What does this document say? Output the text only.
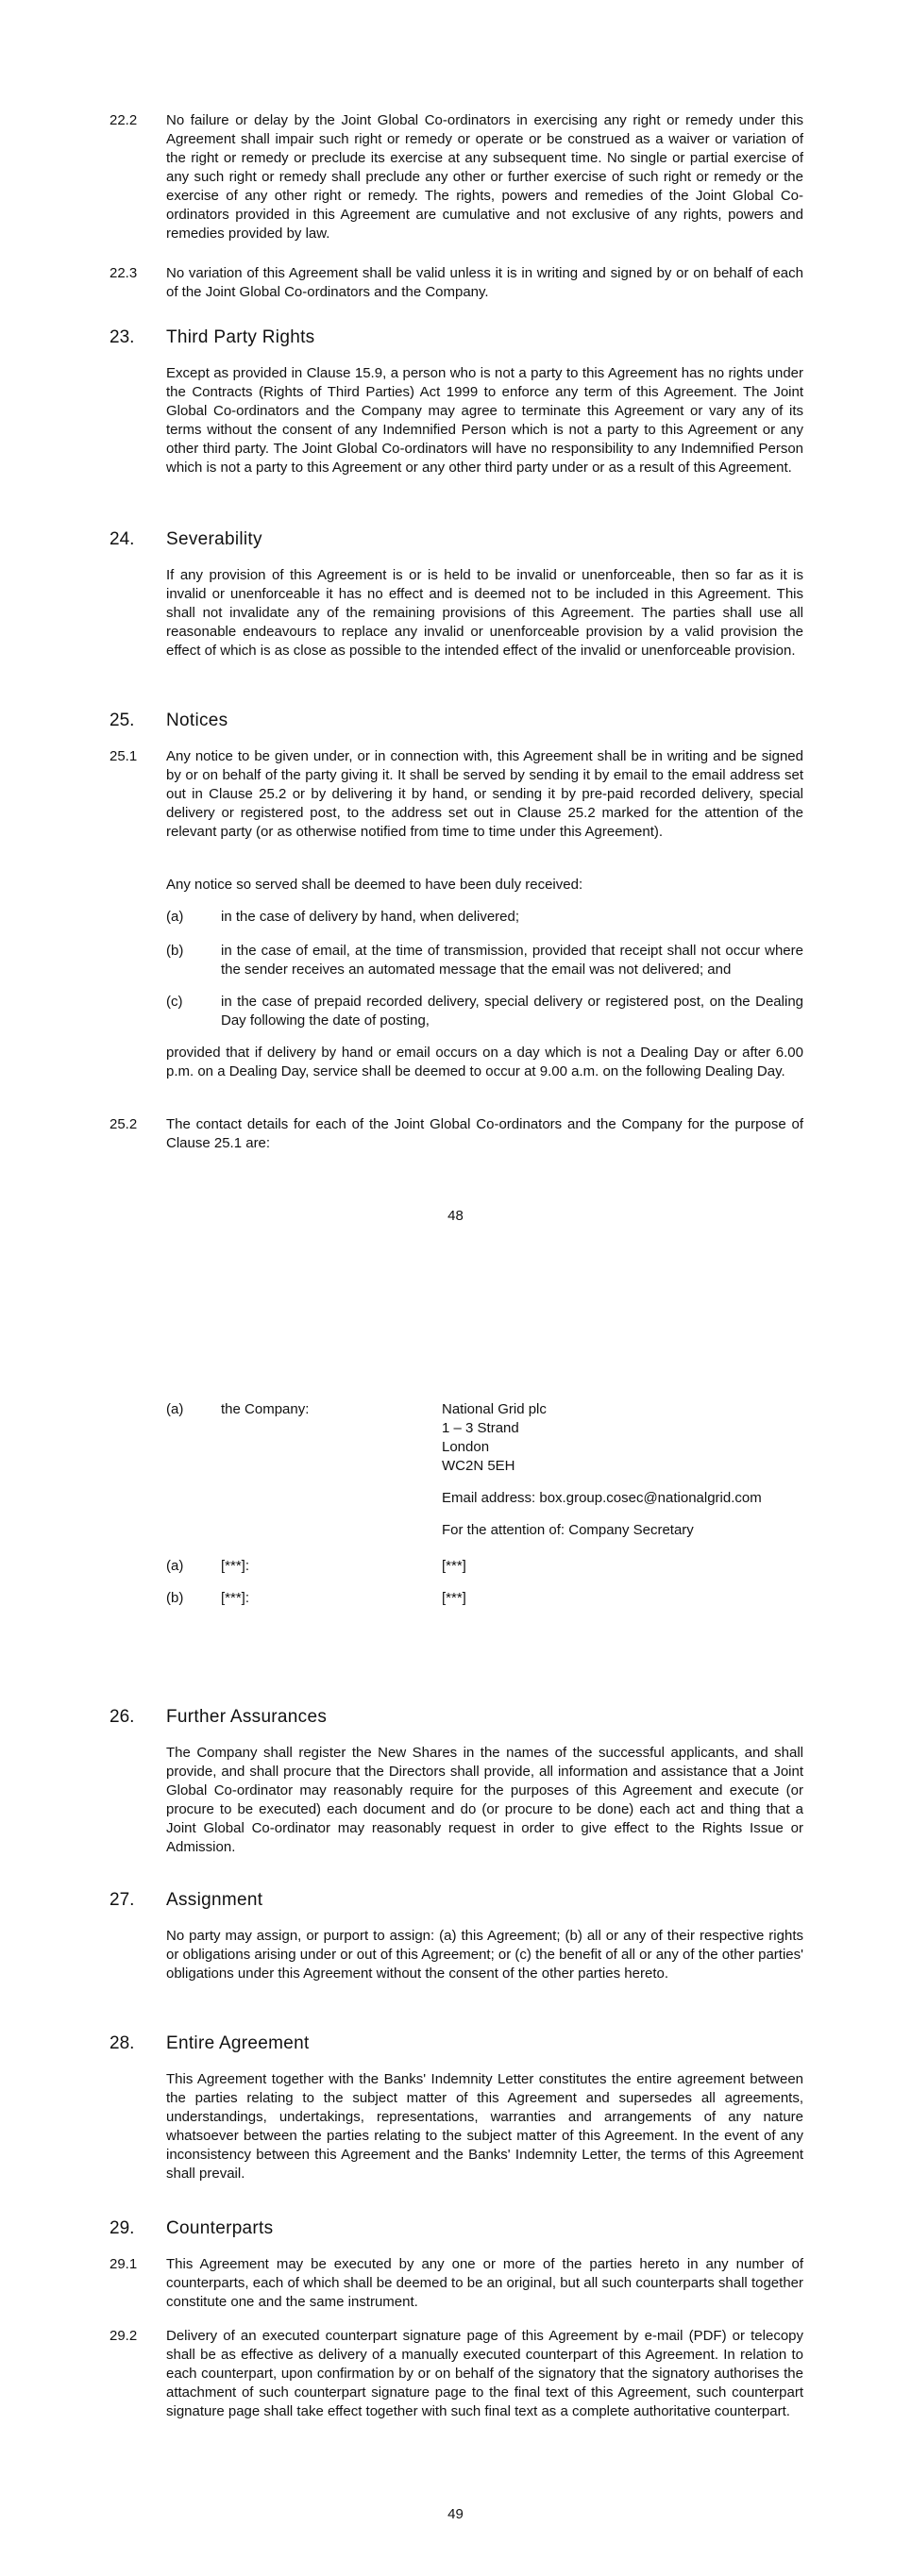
22.2	No failure or delay by the Joint Global Co-ordinators in exercising any right or remedy under this Agreement shall impair such right or remedy or operate or be construed as a waiver or variation of the right or remedy or preclude its exercise at any subsequent time. No single or partial exercise of any such right or remedy shall preclude any other or further exercise of such right or remedy or the exercise of any other right or remedy. The rights, powers and remedies of the Joint Global Co-ordinators provided in this Agreement are cumulative and not exclusive of any rights, powers and remedies provided by law.
22.3	No variation of this Agreement shall be valid unless it is in writing and signed by or on behalf of each of the Joint Global Co-ordinators and the Company.
23.	Third Party Rights
Except as provided in Clause 15.9, a person who is not a party to this Agreement has no rights under the Contracts (Rights of Third Parties) Act 1999 to enforce any term of this Agreement. The Joint Global Co-ordinators and the Company may agree to terminate this Agreement or vary any of its terms without the consent of any Indemnified Person which is not a party to this Agreement or any other third party. The Joint Global Co-ordinators will have no responsibility to any Indemnified Person which is not a party to this Agreement or any other third party under or as a result of this Agreement.
24.	Severability
If any provision of this Agreement is or is held to be invalid or unenforceable, then so far as it is invalid or unenforceable it has no effect and is deemed not to be included in this Agreement. This shall not invalidate any of the remaining provisions of this Agreement. The parties shall use all reasonable endeavours to replace any invalid or unenforceable provision by a valid provision the effect of which is as close as possible to the intended effect of the invalid or unenforceable provision.
25.	Notices
25.1	Any notice to be given under, or in connection with, this Agreement shall be in writing and be signed by or on behalf of the party giving it. It shall be served by sending it by email to the email address set out in Clause 25.2 or by delivering it by hand, or sending it by pre-paid recorded delivery, special delivery or registered post, to the address set out in Clause 25.2 marked for the attention of the relevant party (or as otherwise notified from time to time under this Agreement).
Any notice so served shall be deemed to have been duly received:
(a)	in the case of delivery by hand, when delivered;
(b)	in the case of email, at the time of transmission, provided that receipt shall not occur where the sender receives an automated message that the email was not delivered; and
(c)	in the case of prepaid recorded delivery, special delivery or registered post, on the Dealing Day following the date of posting,
provided that if delivery by hand or email occurs on a day which is not a Dealing Day or after 6.00 p.m. on a Dealing Day, service shall be deemed to occur at 9.00 a.m. on the following Dealing Day.
25.2	The contact details for each of the Joint Global Co-ordinators and the Company for the purpose of Clause 25.1 are:
48
(a)	the Company:	National Grid plc
1 – 3 Strand
London
WC2N 5EH
Email address: box.group.cosec@nationalgrid.com
For the attention of: Company Secretary
(a)	[***]:	[***]
(b)	[***]:	[***]
26.	Further Assurances
The Company shall register the New Shares in the names of the successful applicants, and shall provide, and shall procure that the Directors shall provide, all information and assistance that a Joint Global Co-ordinator may reasonably require for the purposes of this Agreement and execute (or procure to be executed) each document and do (or procure to be done) each act and thing that a Joint Global Co-ordinator may reasonably request in order to give effect to the Rights Issue or Admission.
27.	Assignment
No party may assign, or purport to assign: (a) this Agreement; (b) all or any of their respective rights or obligations arising under or out of this Agreement; or (c) the benefit of all or any of the other parties' obligations under this Agreement without the consent of the other parties hereto.
28.	Entire Agreement
This Agreement together with the Banks' Indemnity Letter constitutes the entire agreement between the parties relating to the subject matter of this Agreement and supersedes all agreements, understandings, undertakings, representations, warranties and arrangements of any nature whatsoever between the parties relating to the subject matter of this Agreement. In the event of any inconsistency between this Agreement and the Banks' Indemnity Letter, the terms of this Agreement shall prevail.
29.	Counterparts
29.1	This Agreement may be executed by any one or more of the parties hereto in any number of counterparts, each of which shall be deemed to be an original, but all such counterparts shall together constitute one and the same instrument.
29.2	Delivery of an executed counterpart signature page of this Agreement by e-mail (PDF) or telecopy shall be as effective as delivery of a manually executed counterpart of this Agreement. In relation to each counterpart, upon confirmation by or on behalf of the signatory that the signatory authorises the attachment of such counterpart signature page to the final text of this Agreement, such counterpart signature page shall take effect together with such final text as a complete authoritative counterpart.
49
